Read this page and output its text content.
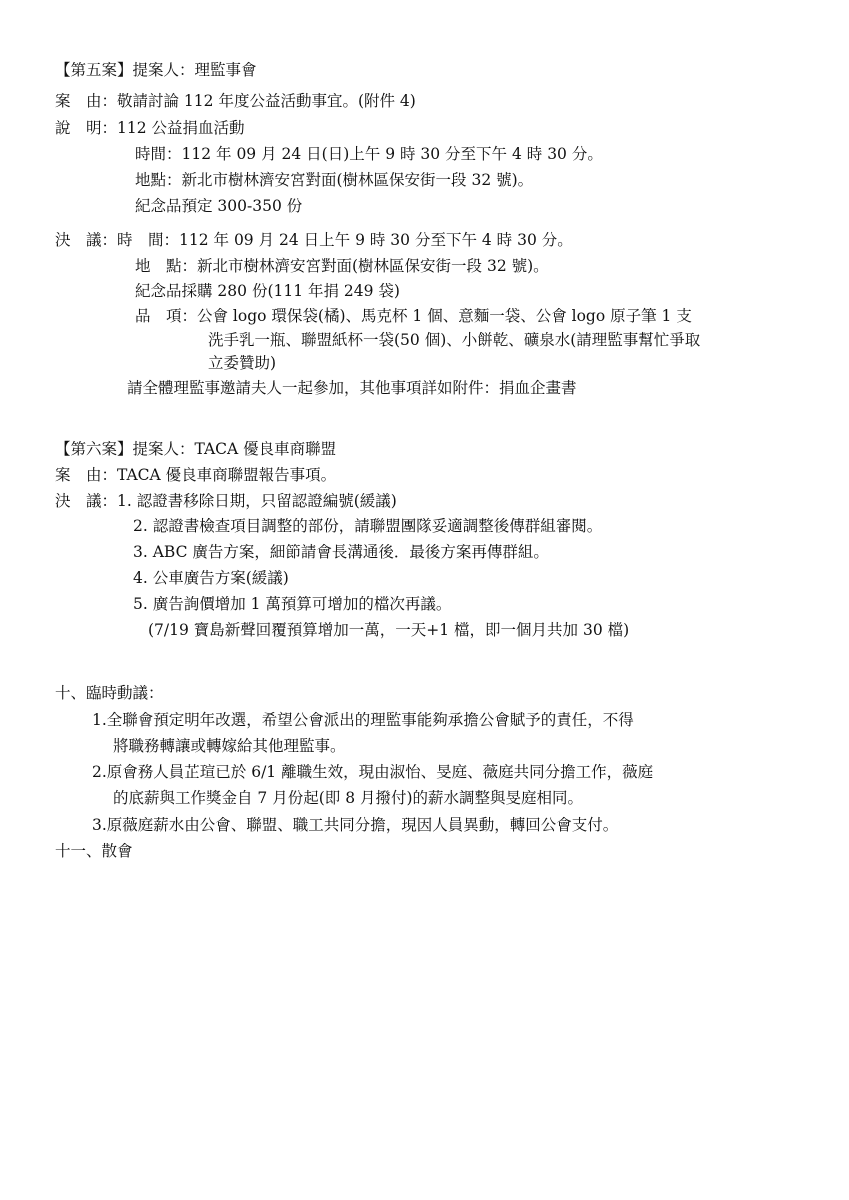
【第五案】提案人：理監事會
案　由：敬請討論 112 年度公益活動事宜。(附件 4)
說　明：112 公益捐血活動
時間：112 年 09 月 24 日(日)上午 9 時 30 分至下午 4 時 30 分。
地點：新北市樹林濟安宮對面(樹林區保安街一段 32 號)。
紀念品預定 300-350 份
決　議：時　間：112 年 09 月 24 日上午 9 時 30 分至下午 4 時 30 分。
地　點：新北市樹林濟安宮對面(樹林區保安街一段 32 號)。
紀念品採購 280 份(111 年捐 249 袋)
品　項：公會 logo 環保袋(橘)、馬克杯 1 個、意麵一袋、公會 logo 原子筆 1 支
洗手乳一瓶、聯盟紙杯一袋(50 個)、小餅乾、礦泉水(請理監事幫忙爭取
立委贊助)
請全體理監事邀請夫人一起參加，其他事項詳如附件：捐血企畫書
【第六案】提案人：TACA 優良車商聯盟
案　由：TACA 優良車商聯盟報告事項。
決　議：1. 認證書移除日期，只留認證編號(緩議)
2. 認證書檢查項目調整的部份，請聯盟團隊妥適調整後傳群組審閱。
3. ABC 廣告方案，細節請會長溝通後．最後方案再傳群組。
4. 公車廣告方案(緩議)
5. 廣告詢價增加 1 萬預算可增加的檔次再議。
(7/19 寶島新聲回覆預算增加一萬，一天+1 檔，即一個月共加 30 檔)
十、臨時動議：
1.全聯會預定明年改選，希望公會派出的理監事能夠承擔公會賦予的責任，不得
將職務轉讓或轉嫁給其他理監事。
2.原會務人員芷瑄已於 6/1 離職生效，現由淑怡、旻庭、薇庭共同分擔工作，薇庭
的底薪與工作獎金自 7 月份起(即 8 月撥付)的薪水調整與旻庭相同。
3.原薇庭薪水由公會、聯盟、職工共同分擔，現因人員異動，轉回公會支付。
十一、散會
